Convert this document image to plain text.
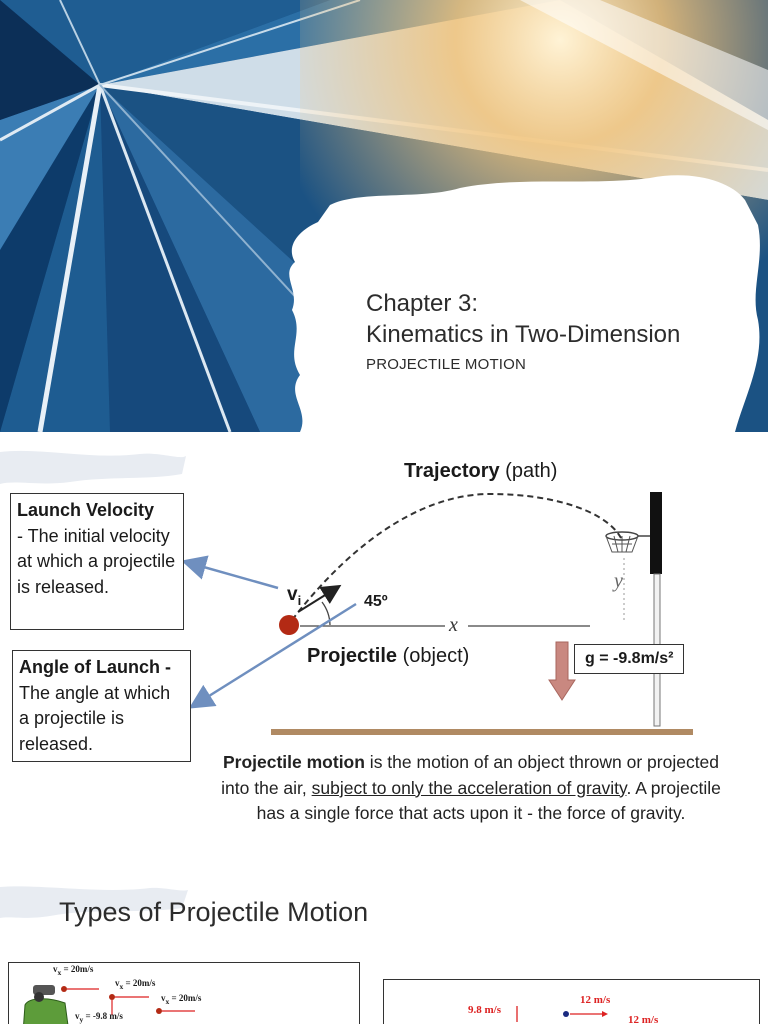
Chapter 3:
Kinematics in Two-Dimension
PROJECTILE MOTION
Launch Velocity
- The initial velocity at which a projectile is released.
Angle of Launch -
The angle at which a projectile is released.
Trajectory (path)
$v_i$	45º
x
y
Projectile (object)	g = -9.8m/s²

Projectile motion is the motion of an object thrown or projected into the air, subject to only the acceleration of gravity. A projectile has a single force that acts upon it - the force of gravity.

Types of Projectile Motion
$v_x = 20m/s$
$v_x = 20m/s$
$v_x = 20m/s$
$v_y = -9.8$ m/s	9.8 m/s
12 m/s
12 m/s
